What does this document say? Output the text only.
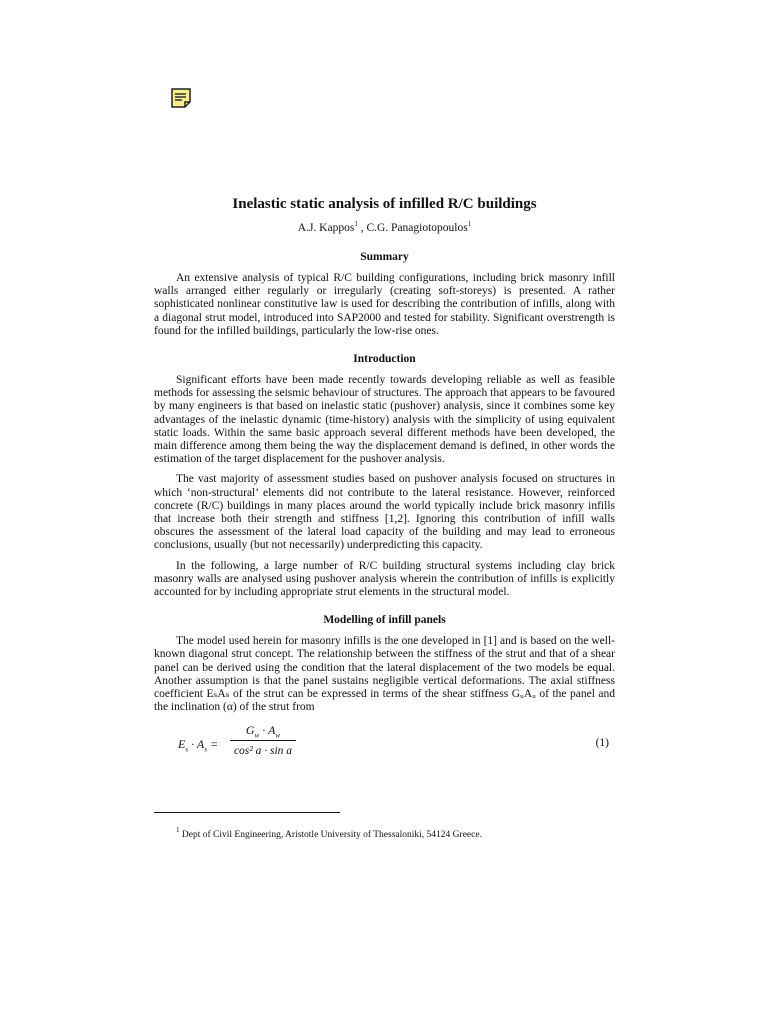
Inelastic static analysis of infilled R/C buildings
A.J. Kappos$^1$ , C.G. Panagiotopoulos$^1$
Summary

An extensive analysis of typical R/C building configurations, including brick masonry infill walls arranged either regularly or irregularly (creating soft-storeys) is presented. A rather sophisticated nonlinear constitutive law is used for describing the contribution of infills, along with a diagonal strut model, introduced into SAP2000 and tested for stability. Significant overstrength is found for the infilled buildings, particularly the low-rise ones.

Introduction

Significant efforts have been made recently towards developing reliable as well as feasible methods for assessing the seismic behaviour of structures. The approach that appears to be favoured by many engineers is that based on inelastic static (pushover) analysis, since it combines some key advantages of the inelastic dynamic (time-history) analysis with the simplicity of using equivalent static loads. Within the same basic approach several different methods have been developed, the main difference among them being the way the displacement demand is defined, in other words the estimation of the target displacement for the pushover analysis.

The vast majority of assessment studies based on pushover analysis focused on structures in which ‘non-structural’ elements did not contribute to the lateral resistance. However, reinforced concrete (R/C) buildings in many places around the world typically include brick masonry infills that increase both their strength and stiffness [1,2]. Ignoring this contribution of infill walls obscures the assessment of the lateral load capacity of the building and may lead to erroneous conclusions, usually (but not necessarily) underpredicting this capacity.

In the following, a large number of R/C building structural systems including clay brick masonry walls are analysed using pushover analysis wherein the contribution of infills is explicitly accounted for by including appropriate strut elements in the structural model.

Modelling of infill panels

The model used herein for masonry infills is the one developed in [1] and is based on the well-known diagonal strut concept. The relationship between the stiffness of the strut and that of a shear panel can be derived using the condition that the lateral displacement of the two models be equal. Another assumption is that the panel sustains negligible vertical deformations. The axial stiffness coefficient EₛAₛ of the strut can be expressed in terms of the shear stiffness GᵤAᵤ of the panel and the inclination (α) of the strut from

$E_s \cdot A_s$ =
$G_w \cdot A_w$
cos² a · sin a
(1)
$^1$ Dept of Civil Engineering, Aristotle University of Thessaloniki, 54124 Greece.
